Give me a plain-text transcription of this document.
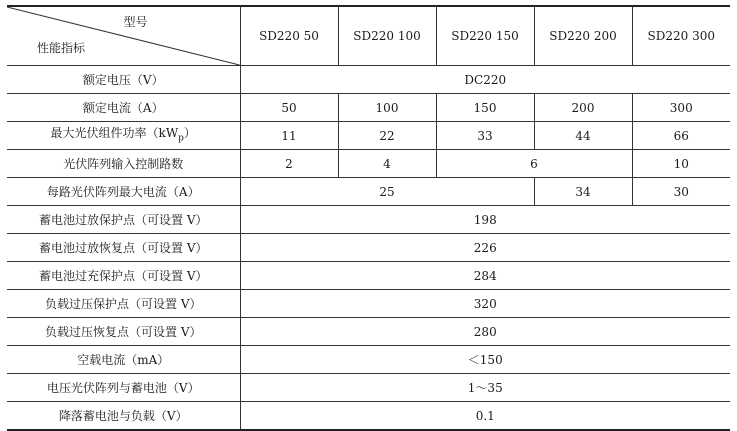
型号
性能指标	SD220 50	SD220 100	SD220 150	SD220 200	SD220 300
额定电压（V）	DC220				
额定电流（A）	50	100	150	200	300
最大光伏组件功率$(kW_p)$	11	22	33	44	66
光伏阵列输入控制路数	2	4	6		10
每路光伏阵列最大电流（A）	25			34	30
蓄电池过放保护点（可设置 V）	198				
蓄电池过放恢复点（可设置 V）	226				
蓄电池过充保护点（可设置 V）	284				
负载过压保护点（可设置 V）	320				
负载过压恢复点（可设置 V）	280				
空载电流（mA）	＜150				
电压光伏阵列与蓄电池（V）	1～35				
降落蓄电池与负载（V）	0.1				
